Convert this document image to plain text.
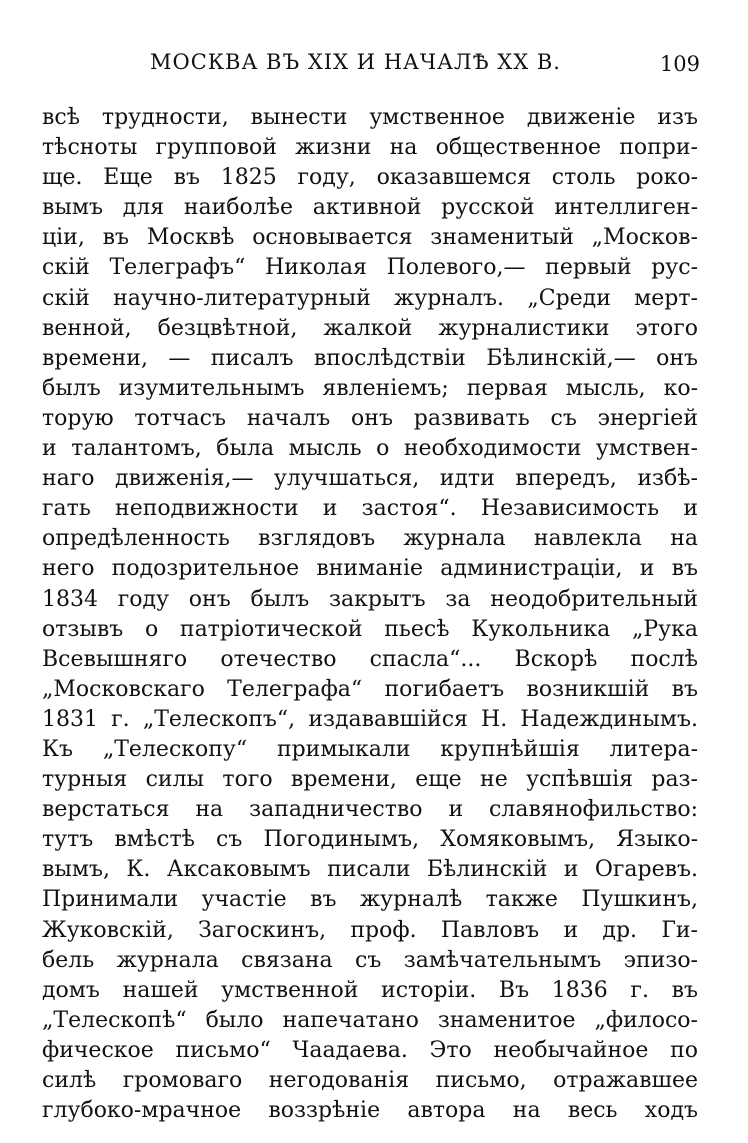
МОСКВА ВЪ XIX И НАЧАЛѢ XX В.	109
всѣ трудности, вынести умственное движеніе изъ
тѣсноты групповой жизни на общественное попри-
ще. Еще въ 1825 году, оказавшемся столь роко-
вымъ для наиболѣе активной русской интеллиген-
ціи, въ Москвѣ основывается знаменитый „Москов-
скій Телеграфъ“ Николая Полевого,— первый рус-
скій научно-литературный журналъ. „Среди мерт-
венной, безцвѣтной, жалкой журналистики этого
времени, — писалъ впослѣдствіи Бѣлинскій,— онъ
былъ изумительнымъ явленіемъ; первая мысль, ко-
торую тотчасъ началъ онъ развивать съ энергіей
и талантомъ, была мысль о необходимости умствен-
наго движенія,— улучшаться, идти впередъ, избѣ-
гать неподвижности и застоя“. Независимость и
опредѣленность взглядовъ журнала навлекла на
него подозрительное вниманіе администраціи, и въ
1834 году онъ былъ закрытъ за неодобрительный
отзывъ о патріотической пьесѣ Кукольника „Рука
Всевышняго отечество спасла“... Вскорѣ послѣ
„Московскаго Телеграфа“ погибаетъ возникшій въ
1831 г. „Телескопъ“, издававшійся Н. Надеждинымъ.
Къ „Телескопу“ примыкали крупнѣйшія литера-
турныя силы того времени, еще не успѣвшія раз-
верстаться на западничество и славянофильство:
тутъ вмѣстѣ съ Погодинымъ, Хомяковымъ, Языко-
вымъ, К. Аксаковымъ писали Бѣлинскій и Огаревъ.
Принимали участіе въ журналѣ также Пушкинъ,
Жуковскій, Загоскинъ, проф. Павловъ и др. Ги-
бель журнала связана съ замѣчательнымъ эпизо-
домъ нашей умственной исторіи. Въ 1836 г. въ
„Телескопѣ“ было напечатано знаменитое „филосо-
фическое письмо“ Чаадаева. Это необычайное по
силѣ громоваго негодованія письмо, отражавшее
глубоко-мрачное воззрѣніе автора на весь ходъ
